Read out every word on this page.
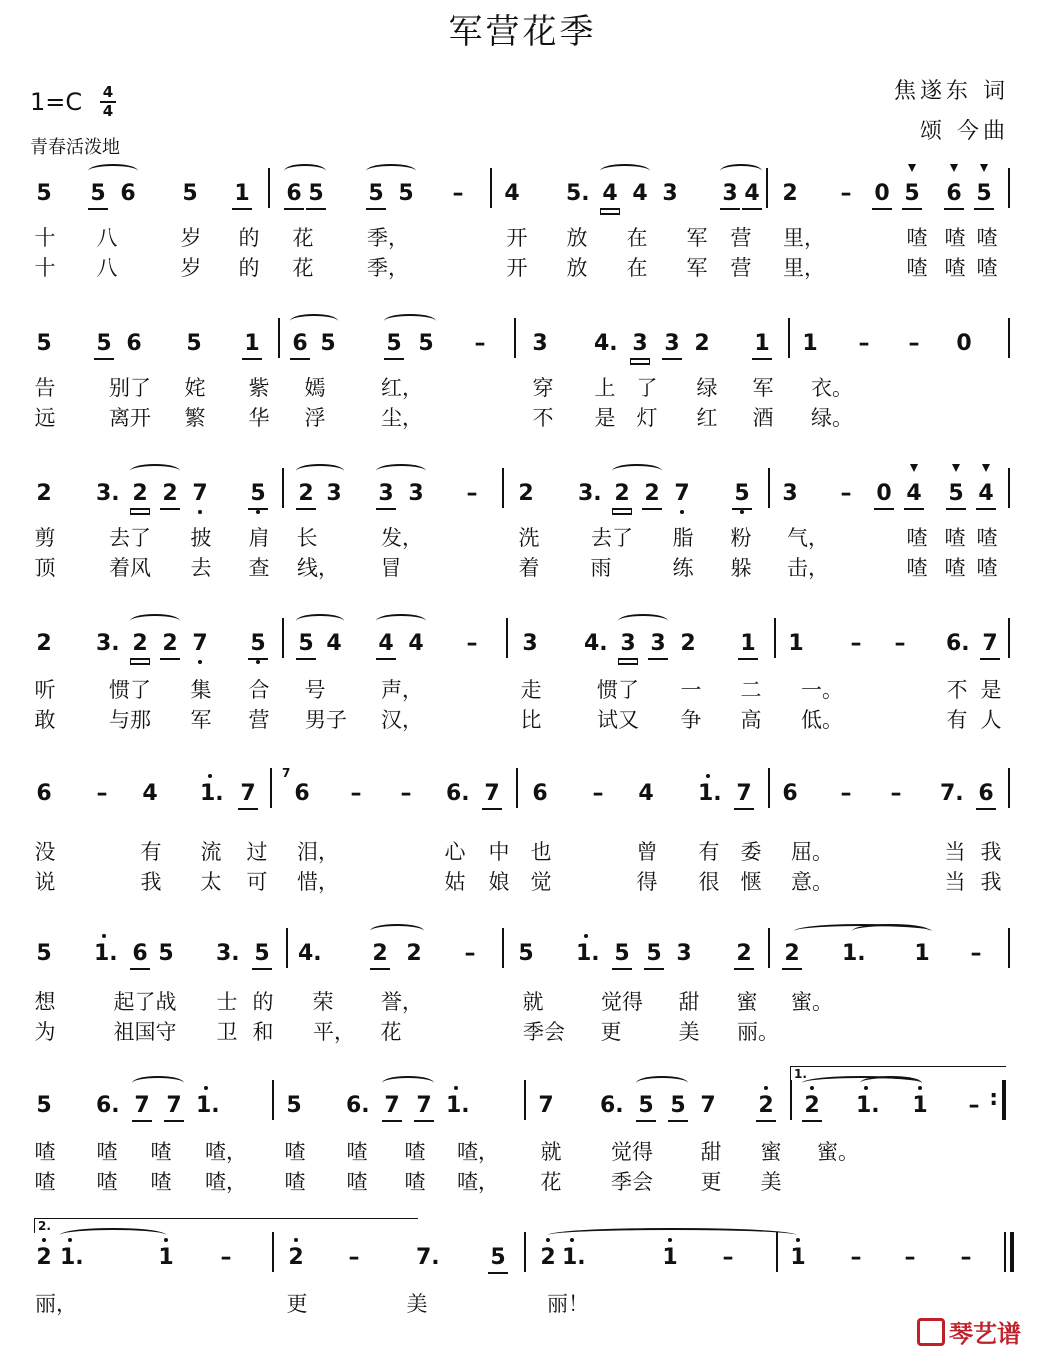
军营花季
1=C	4
4
焦遂东 词
颂 今曲
青春活泼地
5 5 6 5 1 6 5 5 5 – 4 5. 4 4 3 3 4 2 – 0 5 6 5
十 八	岁 的 花	季，	开 放 在 军 营 里，	喳 喳 喳
十 八	岁 的 花	季，	开 放 在 军 营 里，	喳 喳 喳
5 5 6 5 1 6 5 5 5 – 3 4. 3 3 2 1 1 – – 0
告	别了 姹 紫 嫣	红，	穿 上 了 绿 军 衣。
远	离开 繁 华 浮	尘，	不 是 灯 红 酒 绿。
2 3. 2 2 7 5 2 3 3 3 – 2 3. 2 2 7 5 3 – 0 4 5 4
剪	去了 披 肩 长	发，	洗 去了 脂 粉 气，	喳 喳 喳
顶	着风 去 查 线， 冒	着 雨	练 躲 击，	喳 喳 喳
2 3. 2 2 7 5 5 4 4 4 – 3 4. 3 3 2 1 1 – – 6. 7
听	惯了 集 合 号	声，	走	惯了 一 二 一。	不 是
敢	与那 军 营 男子 汉，	比	试又 争 高 低。	有 人
6 – 4 1. 7 6 – – 6. 7 6 – 4 1. 7 6 – – 7. 6
7
没	有 流 过 泪，	心 中 也	曾 有 委 屈。	当 我
说	我 太 可 惜，	姑 娘 觉	得 很 惬 意。	当 我
5 1. 6 5 3. 5 4. 2 2 – 5 1. 5 5 3 2 2 1. 1 –
想	起了战 士 的 荣 誉，	就	觉得 甜 蜜 蜜。
为	祖国守 卫 和 平， 花	季会 更	美 丽。
5 6. 7 7 1.	5 6. 7 7 1.	7 6. 5 5 7 2 2 1. 1 –
:
1.
喳 喳 喳 喳， 喳 喳 喳 喳， 就 觉得 甜 蜜 蜜。
喳 喳 喳 喳， 喳 喳 喳 喳， 花 季会 更 美
2 1.	1 –	2 –	7. 5 2 1.	1 –	1 – – –
2.
丽，	更	美	丽！
琴艺谱
